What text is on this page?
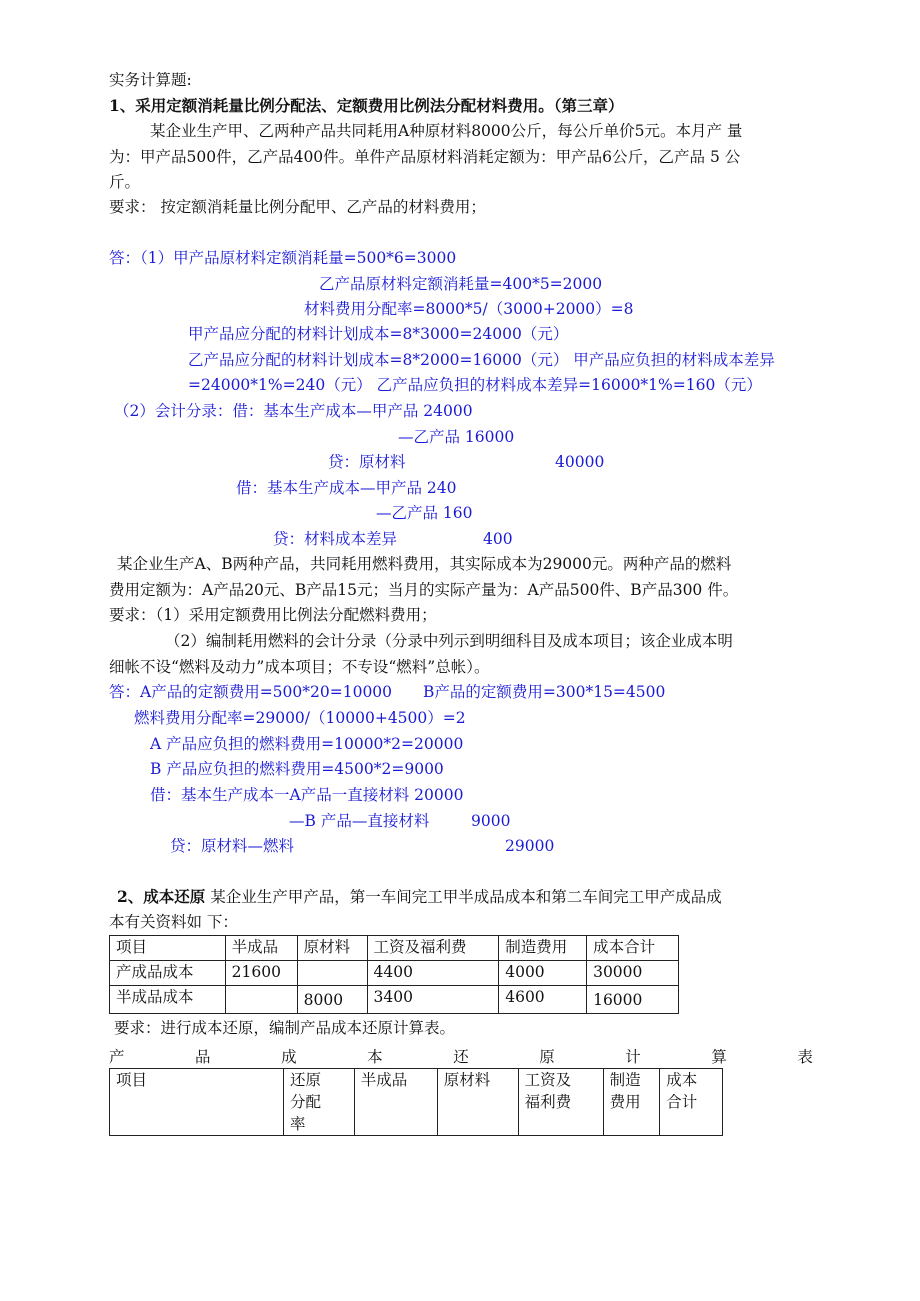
实务计算题:
1、采用定额消耗量比例分配法、定额费用比例法分配材料费用。（第三章）
某企业生产甲、乙两种产品共同耗用A种原材料8000公斤，每公斤单价5元。本月产 量
为：甲产品500件，乙产品400件。单件产品原材料消耗定额为：甲产品6公斤，乙产品 5 公
斤。
要求： 按定额消耗量比例分配甲、乙产品的材料费用；
答：（1）甲产品原材料定额消耗量=500*6=3000
乙产品原材料定额消耗量=400*5=2000
材料费用分配率=8000*5/（3000+2000）=8
甲产品应分配的材料计划成本=8*3000=24000（元）
乙产品应分配的材料计划成本=8*2000=16000（元） 甲产品应负担的材料成本差异
=24000*1%=240（元） 乙产品应负担的材料成本差异=16000*1%=160（元）
（2）会计分录：借：基本生产成本—甲产品 24000
—乙产品 16000
贷：原材料	40000
借：基本生产成本—甲产品 240
—乙产品 160
贷：材料成本差异	400
某企业生产A、B两种产品，共同耗用燃料费用，其实际成本为29000元。两种产品的燃料
费用定额为：A产品20元、B产品15元；当月的实际产量为：A产品500件、B产品300 件。
要求：（1）采用定额费用比例法分配燃料费用；
（2）编制耗用燃料的会计分录（分录中列示到明细科目及成本项目；该企业成本明
细帐不设“燃料及动力”成本项目；不专设“燃料”总帐）。
答：A产品的定额费用=500*20=10000 B产品的定额费用=300*15=4500
燃料费用分配率=29000/（10000+4500）=2
A 产品应负担的燃料费用=10000*2=20000
B 产品应负担的燃料费用=4500*2=9000
借：基本生产成本一A产品一直接材料 20000
—B 产品—直接材料	9000
贷：原材料—燃料	29000
2、成本还原 某企业生产甲产品，第一车间完工甲半成品成本和第二车间完工甲产成品成
本有关资料如 下：
项目	半成品	原材料	工资及福利费	制造费用	成本合计
产成品成本	21600		4400	4000	30000
半成品成本		8000	3400	4600	16000
要求：进行成本还原，编制产品成本还原计算表。
产	品	成	本	还	原	计	算	表
项目	还原分配率	半成品	原材料	工资及福利费	制造费用	成本合计
